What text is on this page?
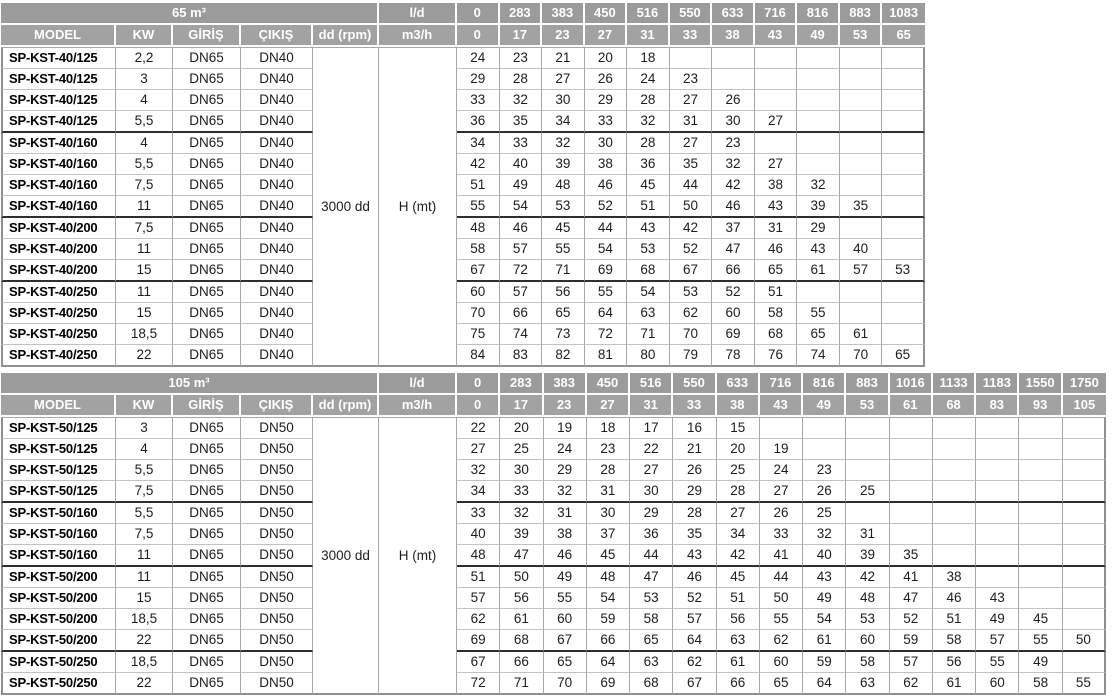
65 m³					l/d	0	283	383	450	516	550	633	716	816	883	1083
MODEL	KW	GİRİŞ	ÇIKIŞ	dd (rpm)	m3/h	0	17	23	27	31	33	38	43	49	53	65
SP-KST-40/125	2,2	DN65	DN40	3000 dd	H (mt)	24	23	21	20	18						
SP-KST-40/125	3	DN65	DN40			29	28	27	26	24	23					
SP-KST-40/125	4	DN65	DN40			33	32	30	29	28	27	26				
SP-KST-40/125	5,5	DN65	DN40			36	35	34	33	32	31	30	27			
SP-KST-40/160	4	DN65	DN40			34	33	32	30	28	27	23				
SP-KST-40/160	5,5	DN65	DN40			42	40	39	38	36	35	32	27			
SP-KST-40/160	7,5	DN65	DN40			51	49	48	46	45	44	42	38	32		
SP-KST-40/160	11	DN65	DN40			55	54	53	52	51	50	46	43	39	35	
SP-KST-40/200	7,5	DN65	DN40			48	46	45	44	43	42	37	31	29		
SP-KST-40/200	11	DN65	DN40			58	57	55	54	53	52	47	46	43	40	
SP-KST-40/200	15	DN65	DN40			67	72	71	69	68	67	66	65	61	57	53
SP-KST-40/250	11	DN65	DN40			60	57	56	55	54	53	52	51			
SP-KST-40/250	15	DN65	DN40			70	66	65	64	63	62	60	58	55		
SP-KST-40/250	18,5	DN65	DN40			75	74	73	72	71	70	69	68	65	61	
SP-KST-40/250	22	DN65	DN40			84	83	82	81	80	79	78	76	74	70	65
105 m³					l/d	0	283	383	450	516	550	633	716	816	883	1016	1133	1183	1550	1750
MODEL	KW	GİRİŞ	ÇIKIŞ	dd (rpm)	m3/h	0	17	23	27	31	33	38	43	49	53	61	68	83	93	105
SP-KST-50/125	3	DN65	DN50	3000 dd	H (mt)	22	20	19	18	17	16	15								
SP-KST-50/125	4	DN65	DN50			27	25	24	23	22	21	20	19							
SP-KST-50/125	5,5	DN65	DN50			32	30	29	28	27	26	25	24	23						
SP-KST-50/125	7,5	DN65	DN50			34	33	32	31	30	29	28	27	26	25					
SP-KST-50/160	5,5	DN65	DN50			33	32	31	30	29	28	27	26	25						
SP-KST-50/160	7,5	DN65	DN50			40	39	38	37	36	35	34	33	32	31					
SP-KST-50/160	11	DN65	DN50			48	47	46	45	44	43	42	41	40	39	35				
SP-KST-50/200	11	DN65	DN50			51	50	49	48	47	46	45	44	43	42	41	38			
SP-KST-50/200	15	DN65	DN50			57	56	55	54	53	52	51	50	49	48	47	46	43		
SP-KST-50/200	18,5	DN65	DN50			62	61	60	59	58	57	56	55	54	53	52	51	49	45	
SP-KST-50/200	22	DN65	DN50			69	68	67	66	65	64	63	62	61	60	59	58	57	55	50
SP-KST-50/250	18,5	DN65	DN50			67	66	65	64	63	62	61	60	59	58	57	56	55	49	
SP-KST-50/250	22	DN65	DN50			72	71	70	69	68	67	66	65	64	63	62	61	60	58	55
